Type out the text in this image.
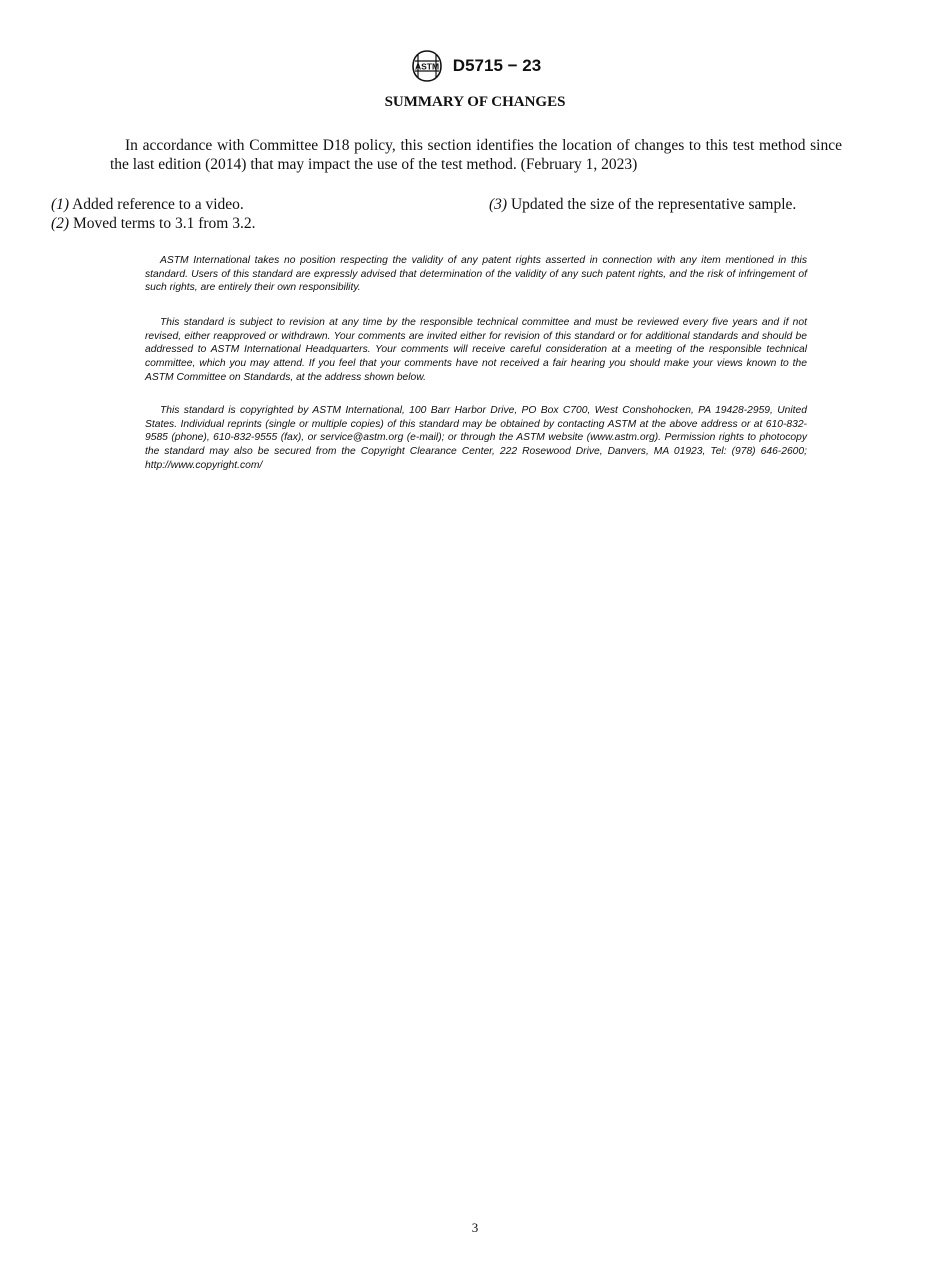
ASTM D5715 − 23
SUMMARY OF CHANGES

In accordance with Committee D18 policy, this section identifies the location of changes to this test method since the last edition (2014) that may impact the use of the test method. (February 1, 2023)

(1) Added reference to a video.

(2) Moved terms to 3.1 from 3.2.

(3) Updated the size of the representative sample.

ASTM International takes no position respecting the validity of any patent rights asserted in connection with any item mentioned in this standard. Users of this standard are expressly advised that determination of the validity of any such patent rights, and the risk of infringement of such rights, are entirely their own responsibility.

This standard is subject to revision at any time by the responsible technical committee and must be reviewed every five years and if not revised, either reapproved or withdrawn. Your comments are invited either for revision of this standard or for additional standards and should be addressed to ASTM International Headquarters. Your comments will receive careful consideration at a meeting of the responsible technical committee, which you may attend. If you feel that your comments have not received a fair hearing you should make your views known to the ASTM Committee on Standards, at the address shown below.

This standard is copyrighted by ASTM International, 100 Barr Harbor Drive, PO Box C700, West Conshohocken, PA 19428-2959, United States. Individual reprints (single or multiple copies) of this standard may be obtained by contacting ASTM at the above address or at 610-832-9585 (phone), 610-832-9555 (fax), or service@astm.org (e-mail); or through the ASTM website (www.astm.org). Permission rights to photocopy the standard may also be secured from the Copyright Clearance Center, 222 Rosewood Drive, Danvers, MA 01923, Tel: (978) 646-2600; http://www.copyright.com/

3
